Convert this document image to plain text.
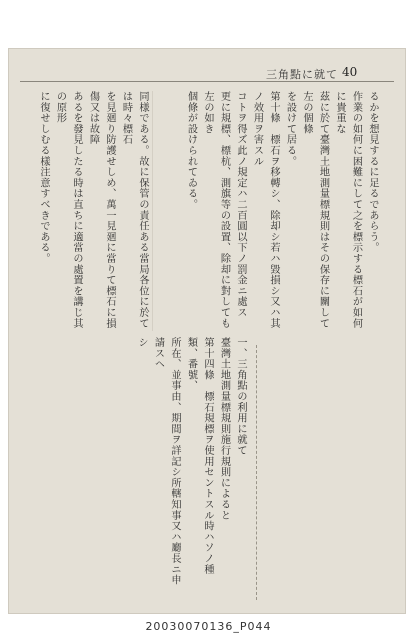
三角點に就て 40

るかを想見するに足るであらう。

作業の如何に困難にして之を標示する標石が如何に貴重な

茲に於て臺灣土地測量標規則はその保存に關して左の個條

を設けて居る。

第十條　標石ヲ移轉シ、除却シ若ハ毀損シ又ハ其ノ效用ヲ害スル

コトヲ得ズ此ノ規定ハ二百圓以下ノ罰金ニ處ス

更に規標、標杭、測旗等の設置、除却に對しても左の如き

個條が設けられてゐる。

同様である。故に保管の責任ある當局各位に於ては時々標石

を見廻り防護せしめ、萬一見廻に當りて標石に損傷又は故障

あるを發見したる時は直ちに適當の處置を講じ其の原形

に復せしむる樣注意すべきである。

一、三角點の利用に就て

臺灣土地測量標規則施行規則によると

第十四條　標石規標ヲ使用セントスル時ハソノ種類、番號、

所在、並事由、期間ヲ詳記シ所轄知事又ハ廳長ニ申請スヘ

シ

20030070136_P044
